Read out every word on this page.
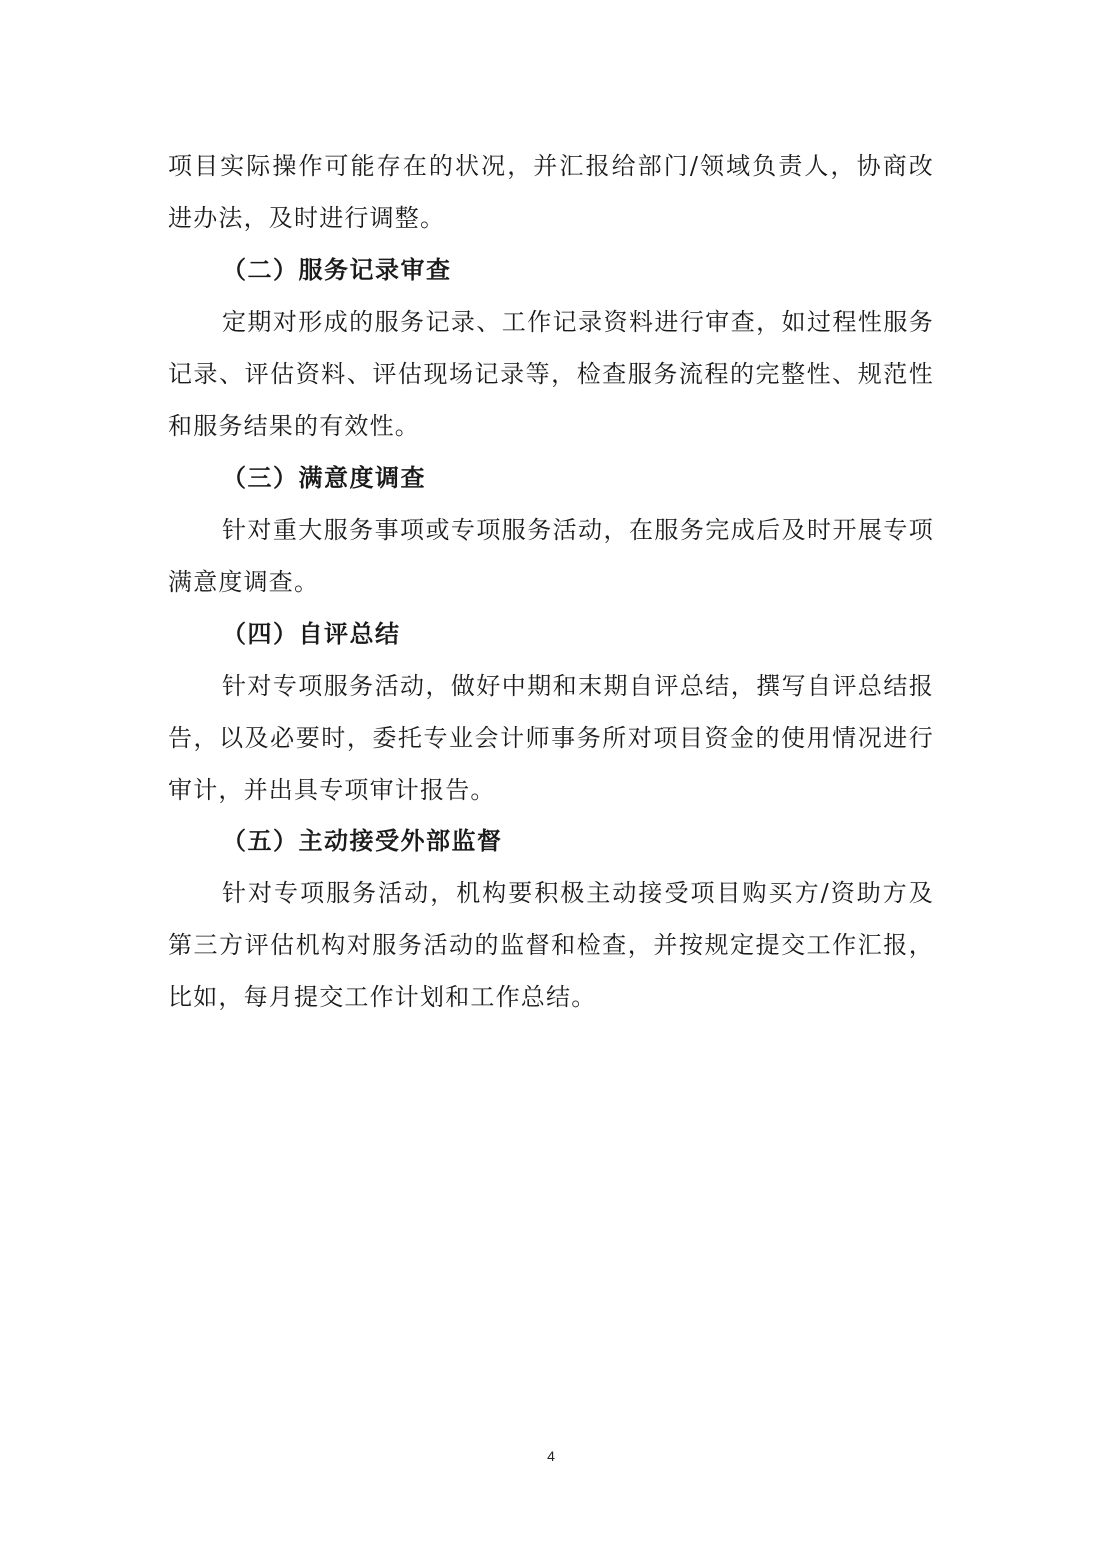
项目实际操作可能存在的状况，并汇报给部门/领域负责人，协商改
进办法，及时进行调整。
（二）服务记录审查
定期对形成的服务记录、工作记录资料进行审查，如过程性服务
记录、评估资料、评估现场记录等，检查服务流程的完整性、规范性
和服务结果的有效性。
（三）满意度调查
针对重大服务事项或专项服务活动，在服务完成后及时开展专项
满意度调查。
（四）自评总结
针对专项服务活动，做好中期和末期自评总结，撰写自评总结报
告，以及必要时，委托专业会计师事务所对项目资金的使用情况进行
审计，并出具专项审计报告。
（五）主动接受外部监督
针对专项服务活动，机构要积极主动接受项目购买方/资助方及
第三方评估机构对服务活动的监督和检查，并按规定提交工作汇报，
比如，每月提交工作计划和工作总结。
4
